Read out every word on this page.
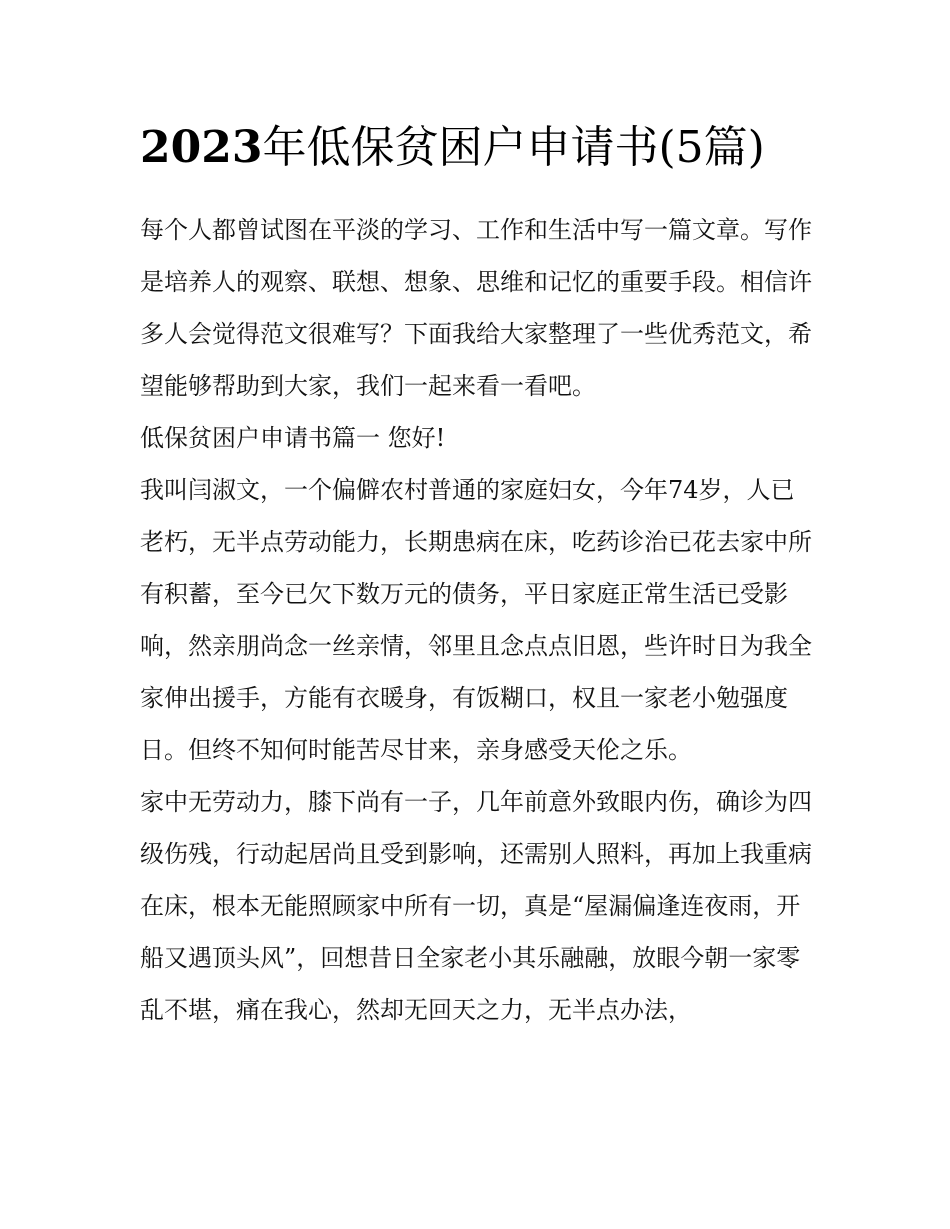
2023年低保贫困户申请书(5篇)

每个人都曾试图在平淡的学习、工作和生活中写一篇文章。写作是培养人的观察、联想、想象、思维和记忆的重要手段。相信许多人会觉得范文很难写？下面我给大家整理了一些优秀范文，希望能够帮助到大家，我们一起来看一看吧。

低保贫困户申请书篇一 您好!

我叫闫淑文，一个偏僻农村普通的家庭妇女，今年74岁，人已老朽，无半点劳动能力，长期患病在床，吃药诊治已花去家中所有积蓄，至今已欠下数万元的债务，平日家庭正常生活已受影响，然亲朋尚念一丝亲情，邻里且念点点旧恩，些许时日为我全家伸出援手，方能有衣暖身，有饭糊口，权且一家老小勉强度日。但终不知何时能苦尽甘来，亲身感受天伦之乐。

家中无劳动力，膝下尚有一子，几年前意外致眼内伤，确诊为四级伤残，行动起居尚且受到影响，还需别人照料，再加上我重病在床，根本无能照顾家中所有一切，真是“屋漏偏逢连夜雨，开船又遇顶头风”，回想昔日全家老小其乐融融，放眼今朝一家零乱不堪，痛在我心，然却无回天之力，无半点办法，
